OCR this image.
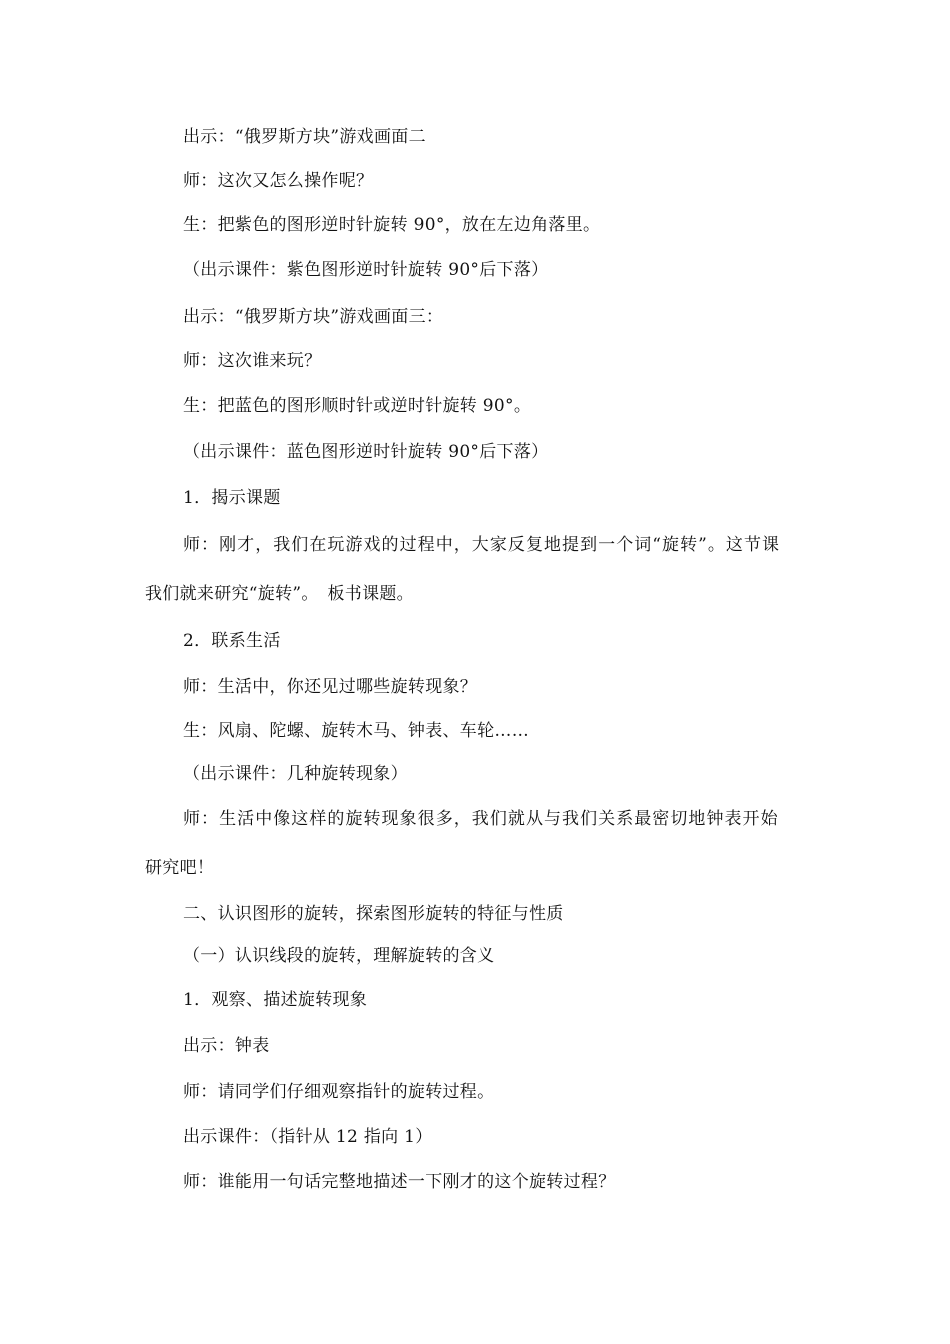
出示：“俄罗斯方块”游戏画面二
师：这次又怎么操作呢？
生：把紫色的图形逆时针旋转 90°，放在左边角落里。
（出示课件：紫色图形逆时针旋转 90°后下落）
出示：“俄罗斯方块”游戏画面三：
师：这次谁来玩？
生：把蓝色的图形顺时针或逆时针旋转 90°。
（出示课件：蓝色图形逆时针旋转 90°后下落）
1．揭示课题
师：刚才，我们在玩游戏的过程中，大家反复地提到一个词“旋转”。这节课
我们就来研究“旋转”。　板书课题。
2．联系生活
师：生活中，你还见过哪些旋转现象？
生：风扇、陀螺、旋转木马、钟表、车轮……
（出示课件：几种旋转现象）
师：生活中像这样的旋转现象很多，我们就从与我们关系最密切地钟表开始
研究吧！
二、认识图形的旋转，探索图形旋转的特征与性质
（一）认识线段的旋转，理解旋转的含义
1．观察、描述旋转现象
出示：钟表
师：请同学们仔细观察指针的旋转过程。
出示课件：（指针从 12 指向 1）
师：谁能用一句话完整地描述一下刚才的这个旋转过程？
